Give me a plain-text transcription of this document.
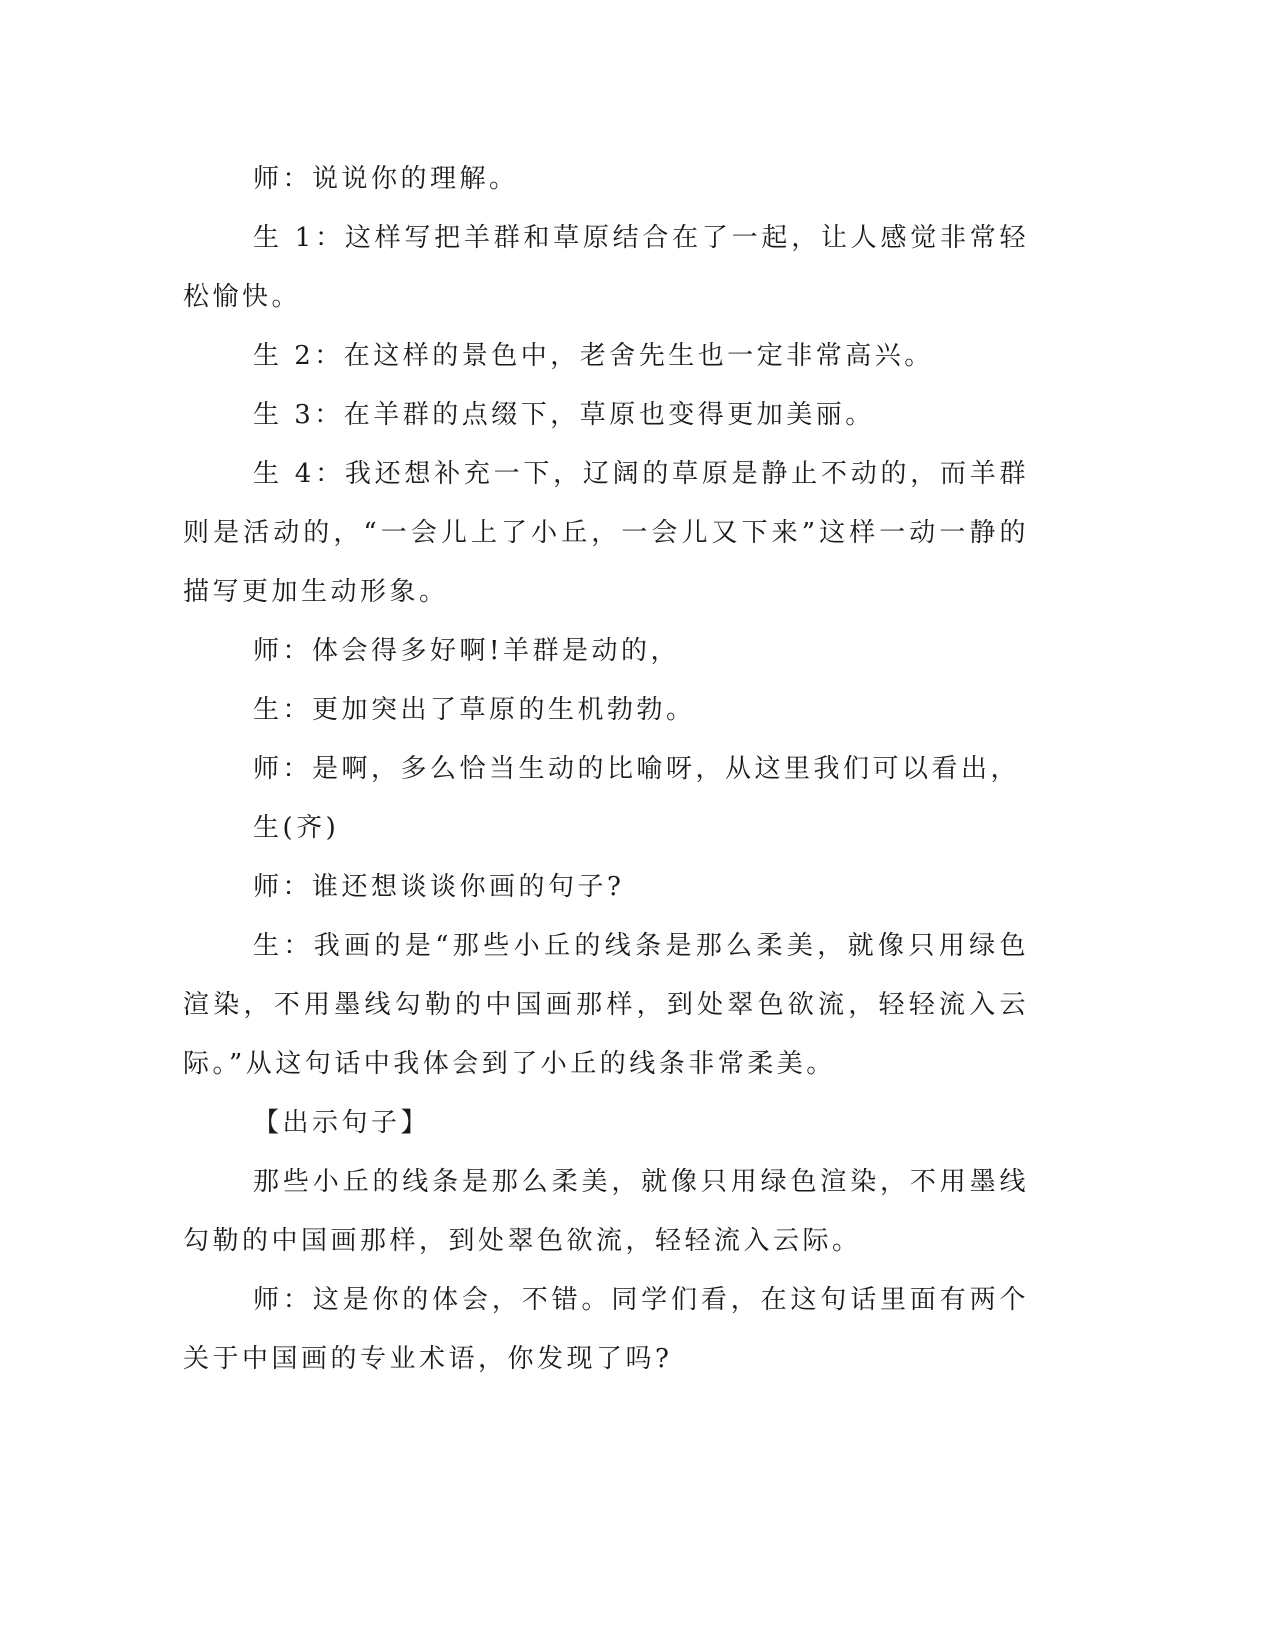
师：说说你的理解。

生 1：这样写把羊群和草原结合在了一起，让人感觉非常轻松愉快。

生 2：在这样的景色中，老舍先生也一定非常高兴。

生 3：在羊群的点缀下，草原也变得更加美丽。

生 4：我还想补充一下，辽阔的草原是静止不动的，而羊群则是活动的，“一会儿上了小丘，一会儿又下来”这样一动一静的描写更加生动形象。

师：体会得多好啊!羊群是动的，

生：更加突出了草原的生机勃勃。

师：是啊，多么恰当生动的比喻呀，从这里我们可以看出，

生(齐)

师：谁还想谈谈你画的句子?

生：我画的是“那些小丘的线条是那么柔美，就像只用绿色渲染，不用墨线勾勒的中国画那样，到处翠色欲流，轻轻流入云际。”从这句话中我体会到了小丘的线条非常柔美。

【出示句子】

那些小丘的线条是那么柔美，就像只用绿色渲染，不用墨线勾勒的中国画那样，到处翠色欲流，轻轻流入云际。

师：这是你的体会，不错。同学们看，在这句话里面有两个关于中国画的专业术语，你发现了吗?
